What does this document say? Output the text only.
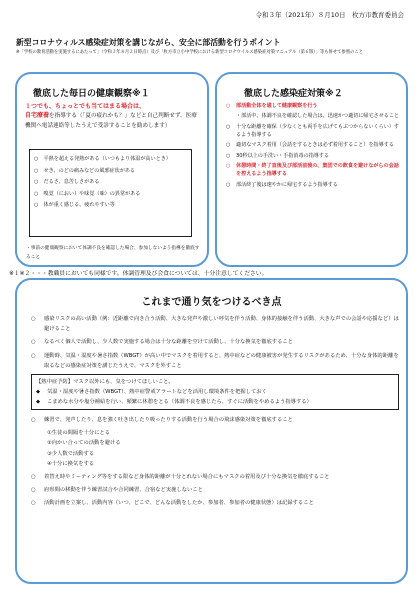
令和３年（2021年）８月10日　枚方市教育委員会
新型コロナウィルス感染症対策を講じながら、安全に部活動を行うポイント
※「学校の教育活動を実施するにあたって」（令和３年８月２日時点）及び「枚方市立小中学校における新型コロナウイルス感染症対策マニュアル（第６版）」等も併せて参照のこと
徹底した毎日の健康観察※１
１つでも、ちょっとでも当てはまる場合は、
自宅療養を指導する（「夏の疲れかも？」などと自己判断せず、医療機関へ電話連絡等したうえで受診することを勧めします）
○　平熱を超える発熱がある（いつもより体温が高いとき）
○　せき、のどの痛みなどの風邪症状がある
○　だるさ、息苦しさがある
○　嗅覚（におい）や味覚（味）の異常がある
○　体が重く感じる、疲れやすい等
・事前の健康観察において体調不良を確認した場合、参加しないよう指導を徹底すること
徹底した感染症対策※２
○	部活動全体を通して健康観察を行う
・部活中、体調不良を確認した場合は、迅速かつ適切に帰宅させること
○	十分な距離を確保（少なくとも両手を広げてもぶつからないくらい）するよう指導する
○	適切なマスク着用（会話をするときは必ず着用すること）を指導する
○	30秒以上の手洗い・手指消毒の指導する
○	休憩時間・終了直後及び部活前後の、集団での飲食を避けながらの会話を控えるよう指導する
○	部活終了後は速やかに帰宅するよう指導する
※１※２・・・教職員においても同様です。体調管理及び会食については、十分注意してください。
これまで通り気をつけるべき点
○	感染リスクの高い活動（例：近距離で向き合う活動、大きな発声や激しい呼気を伴う活動、身体的接触を伴う活動、大きな声での会話や応援など）は避けること
○	なるべく個人で活動し、少人数で実施する場合は十分な距離を空けて活動し、十分な換気を徹底すること
○	運動時、気温・湿度や暑さ指数（WBGT）が高い中でマスクを着用すると、熱中症などの健康被害が発生するリスクがあるため、十分な身体的距離を取るなどの感染症対策を講じたうえで、マスクを外すこと
【熱中症予防】マスク以外にも、気をつけてほしいこと。
◆	気温・湿度や暑さ指数（WBGT）、熱中症警戒アラートなどを活用し環境条件を把握しておく
◆	こまめな水分や塩分補給を行い、頻繁に休憩をとる（体調不良を感じたら、すぐに活動をやめるよう指導する）
○	練習で、発声したり、息を強く吐き出したり吸ったりする活動を行う場合の飛沫感染対策を徹底すること
①生徒の間隔を十分にとる
②向かい合っての活動を避ける
③少人数で活動する
④十分に換気をする
○	着替え時やミーティング等をする限など身体的距離が十分とれない場合にもマスクの着用及び十分な換気を徹底すること
○	府県間の移動を伴う練習試合や合同練習、合宿など実施しないこと
○	活動計画を立案し、活動内容（いつ、どこで、どんな活動をしたか、参加者、参加者の健康状態）は記録すること
